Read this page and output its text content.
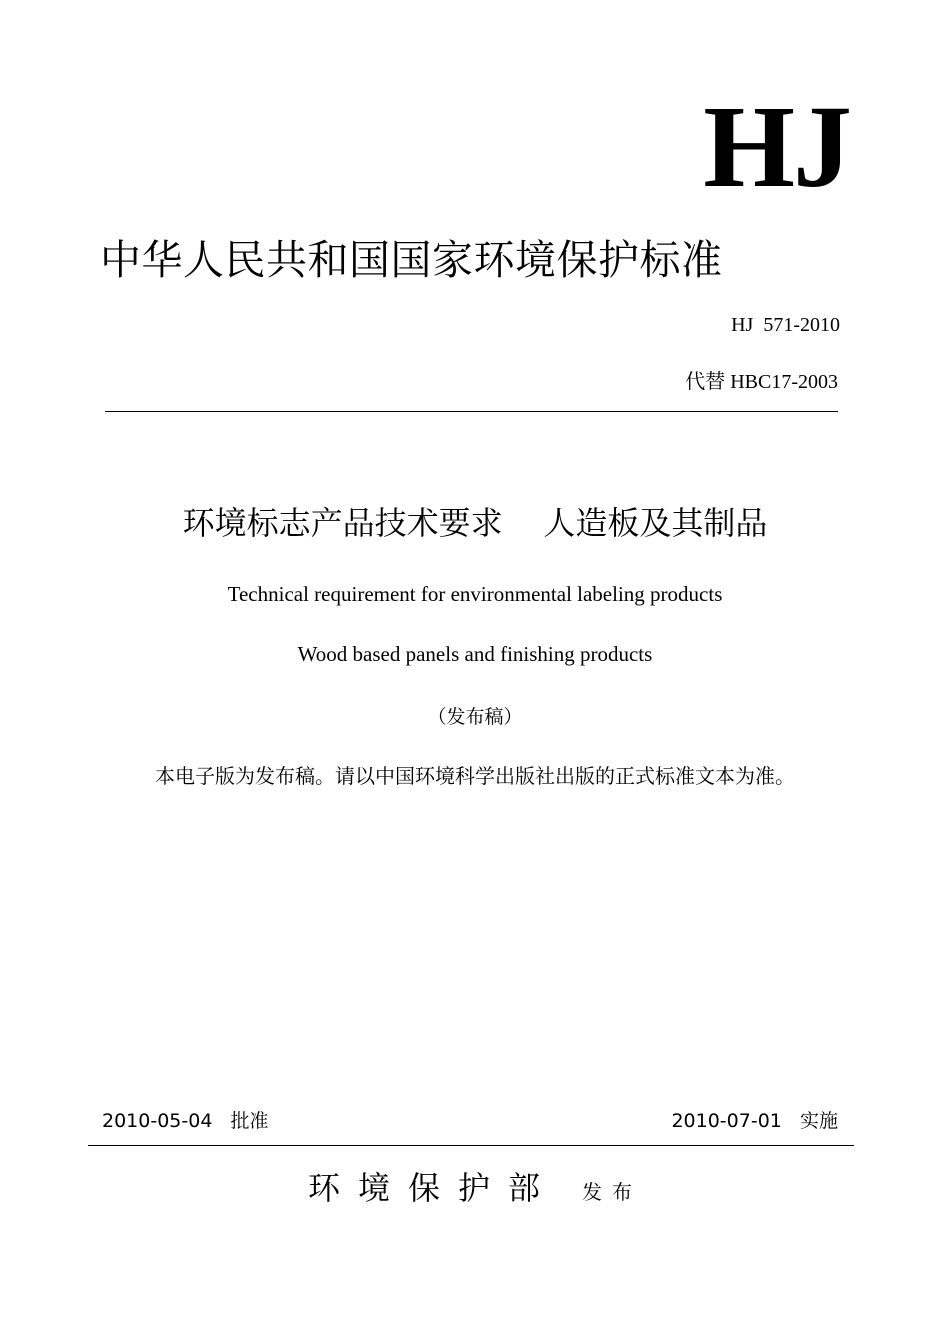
HJ
中华人民共和国国家环境保护标准
HJ  571-2010
代替 HBC17-2003
环境标志产品技术要求    人造板及其制品
Technical requirement for environmental labeling products
Wood based panels and finishing products
（发布稿）
本电子版为发布稿。请以中国环境科学出版社出版的正式标准文本为准。
2010-05-04   批准	2010-07-01   实施
环境保护部 发布
